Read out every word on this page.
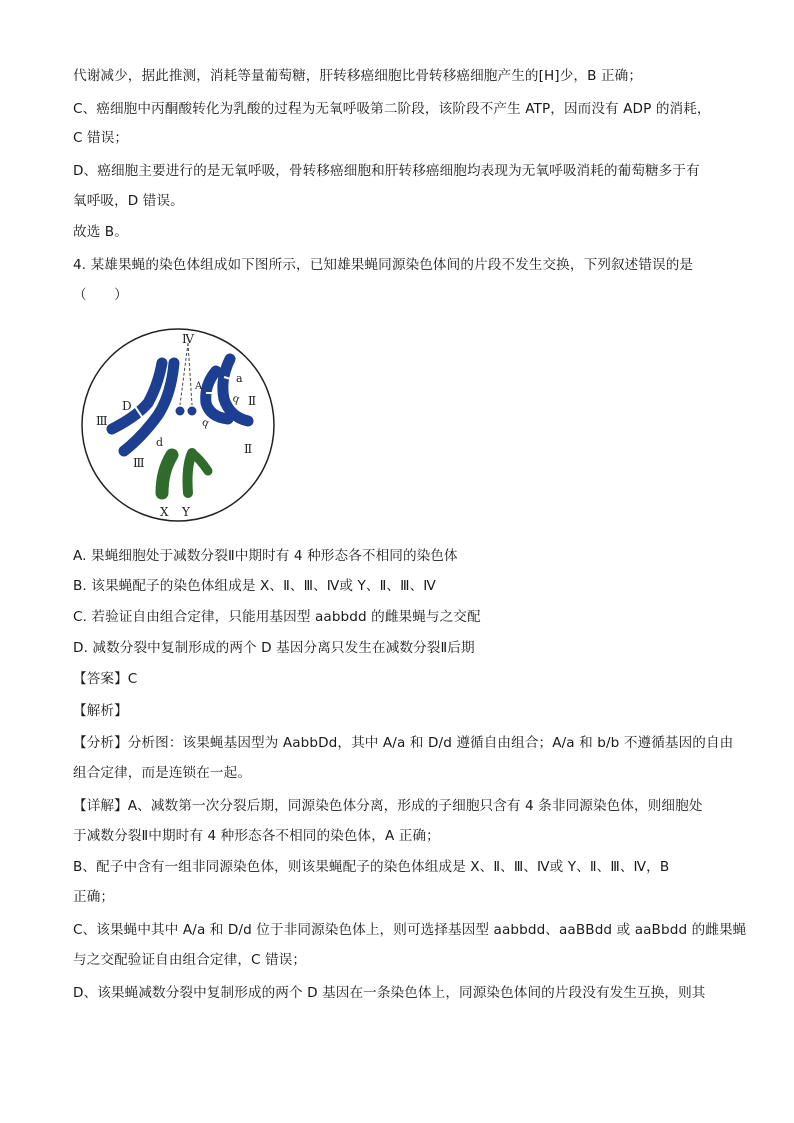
代谢减少，据此推测，消耗等量葡萄糖，肝转移癌细胞比骨转移癌细胞产生的[H]少，B 正确；
C、癌细胞中丙酮酸转化为乳酸的过程为无氧呼吸第二阶段，该阶段不产生 ATP，因而没有 ADP 的消耗，
C 错误；
D、癌细胞主要进行的是无氧呼吸，骨转移癌细胞和肝转移癌细胞均表现为无氧呼吸消耗的葡萄糖多于有
氧呼吸，D 错误。
故选 B。
4. 某雄果蝇的染色体组成如下图所示，已知雄果蝇同源染色体间的片段不发生交换，下列叙述错误的是
（　　）
Ⅳ
Ⅱ
Ⅱ
Ⅲ
Ⅲ
D
d
a
A
b
b
X Y
A. 果蝇细胞处于减数分裂Ⅱ中期时有 4 种形态各不相同的染色体
B. 该果蝇配子的染色体组成是 X、Ⅱ、Ⅲ、Ⅳ或 Y、Ⅱ、Ⅲ、Ⅳ
C. 若验证自由组合定律，只能用基因型 aabbdd 的雌果蝇与之交配
D. 减数分裂中复制形成的两个 D 基因分离只发生在减数分裂Ⅱ后期
【答案】C
【解析】
【分析】分析图：该果蝇基因型为 AabbDd，其中 A/a 和 D/d 遵循自由组合；A/a 和 b/b 不遵循基因的自由
组合定律，而是连锁在一起。
【详解】A、减数第一次分裂后期，同源染色体分离，形成的子细胞只含有 4 条非同源染色体，则细胞处
于减数分裂Ⅱ中期时有 4 种形态各不相同的染色体，A 正确；
B、配子中含有一组非同源染色体，则该果蝇配子的染色体组成是 X、Ⅱ、Ⅲ、Ⅳ或 Y、Ⅱ、Ⅲ、Ⅳ，B
正确；
C、该果蝇中其中 A/a 和 D/d 位于非同源染色体上，则可选择基因型 aabbdd、aaBBdd 或 aaBbdd 的雌果蝇
与之交配验证自由组合定律，C 错误；
D、该果蝇减数分裂中复制形成的两个 D 基因在一条染色体上，同源染色体间的片段没有发生互换，则其
